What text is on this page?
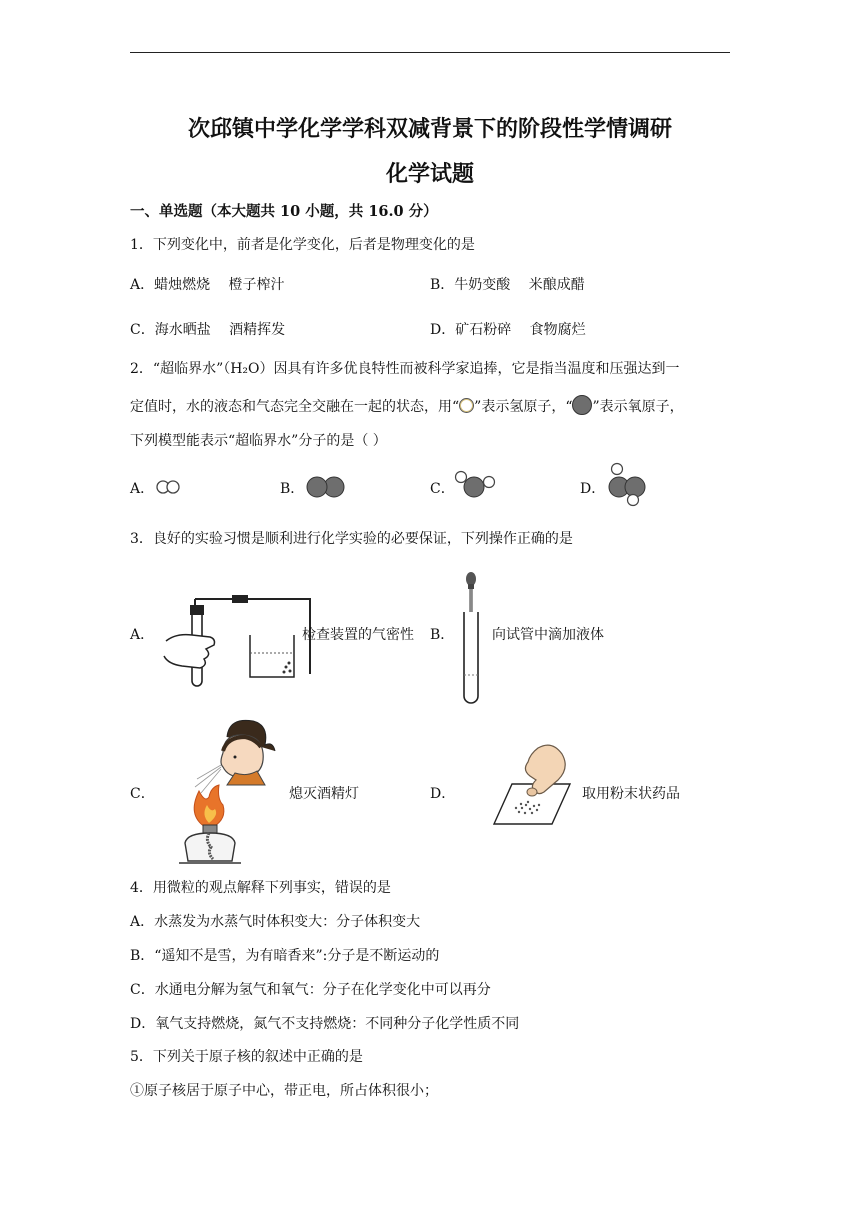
次邱镇中学化学学科双减背景下的阶段性学情调研
化学试题
一、单选题（本大题共 10 小题，共 16.0 分）
1．下列变化中，前者是化学变化，后者是物理变化的是
A．蜡烛燃烧　 橙子榨汁	B．牛奶变酸　 米酿成醋
C．海水晒盐　 酒精挥发	D．矿石粉碎　 食物腐烂
2．“超临界水”（H₂O）因具有许多优良特性而被科学家追捧，它是指当温度和压强达到一
定值时，水的液态和气态完全交融在一起的状态，用“ ”表示氢原子，“ ”表示氧原子，
下列模型能表示“超临界水”分子的是（ ）
A．	B．	C．	D．
3．良好的实验习惯是顺利进行化学实验的必要保证，下列操作正确的是
A．	检查装置的气密性 B．	向试管中滴加液体
C．	熄灭酒精灯	D．	取用粉末状药品
4．用微粒的观点解释下列事实，错误的是
A．水蒸发为水蒸气时体积变大：分子体积变大
B．“遥知不是雪，为有暗香来”:分子是不断运动的
C．水通电分解为氢气和氧气：分子在化学变化中可以再分
D．氧气支持燃烧，氮气不支持燃烧：不同种分子化学性质不同
5．下列关于原子核的叙述中正确的是
①原子核居于原子中心，带正电，所占体积很小；
